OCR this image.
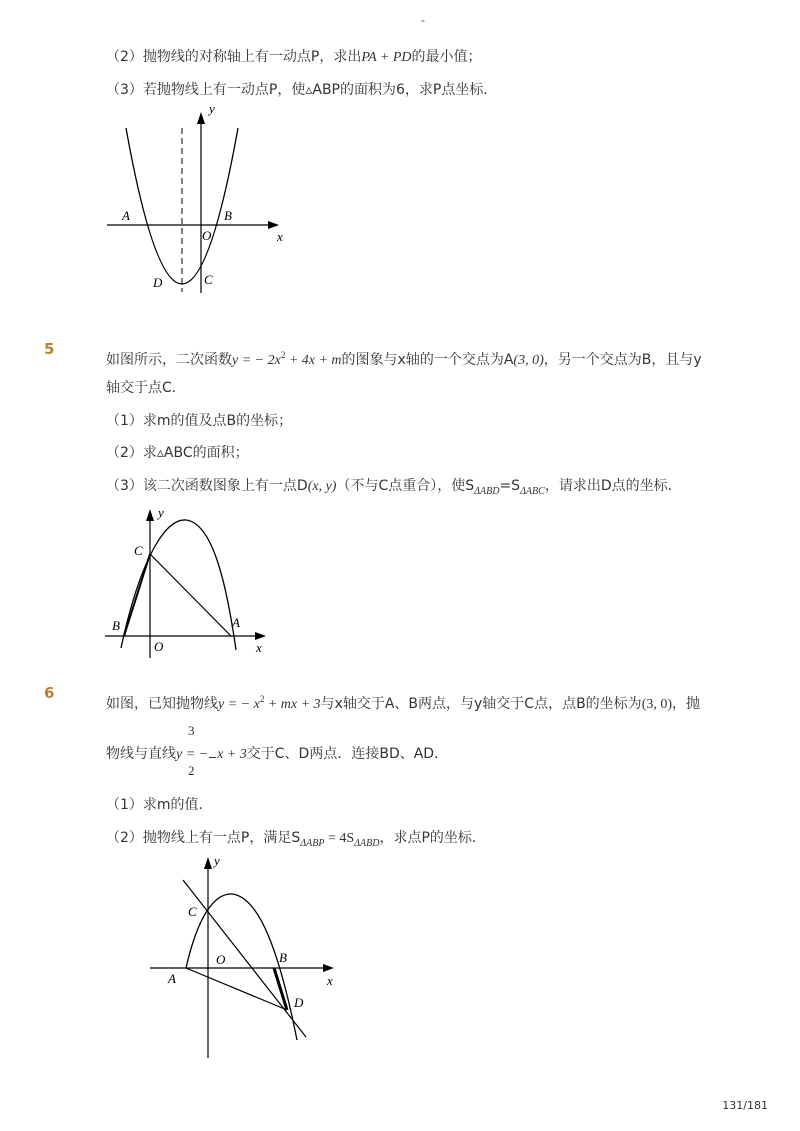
-
（2）抛物线的对称轴上有一动点P，求出PA + PD的最小值；
（3）若抛物线上有一动点P，使▵ABP的面积为6，求P点坐标．
A	B
O
C
D
y
x
5
如图所示，二次函数y = − $2x^2 + 4x + m$的图象与x轴的一个交点为A(3, 0)，另一个交点为B，且与y
轴交于点C．
（1）求m的值及点B的坐标；
（2）求▵ABC的面积；
（3）该二次函数图象上有一点D(x, y)（不与C点重合），使$S_{\Delta ABD}=S_{\Delta ABC}$，请求出D点的坐标．
C
B
O
A
y
x
6
如图，已知抛物线y = − $x^2$ + mx + 3与x轴交于A、B两点，与y轴交于C点，点B的坐标为(3, 0)，抛
3
物线与直线y = − x + 3交于C、D两点．连接BD、AD．
2
（1）求m的值．
（2）抛物线上有一点P，满足$S_{\Delta ABP} = 4S_{\Delta ABD}$，求点P的坐标．
C
O	B
A
D
y
x
131/181
